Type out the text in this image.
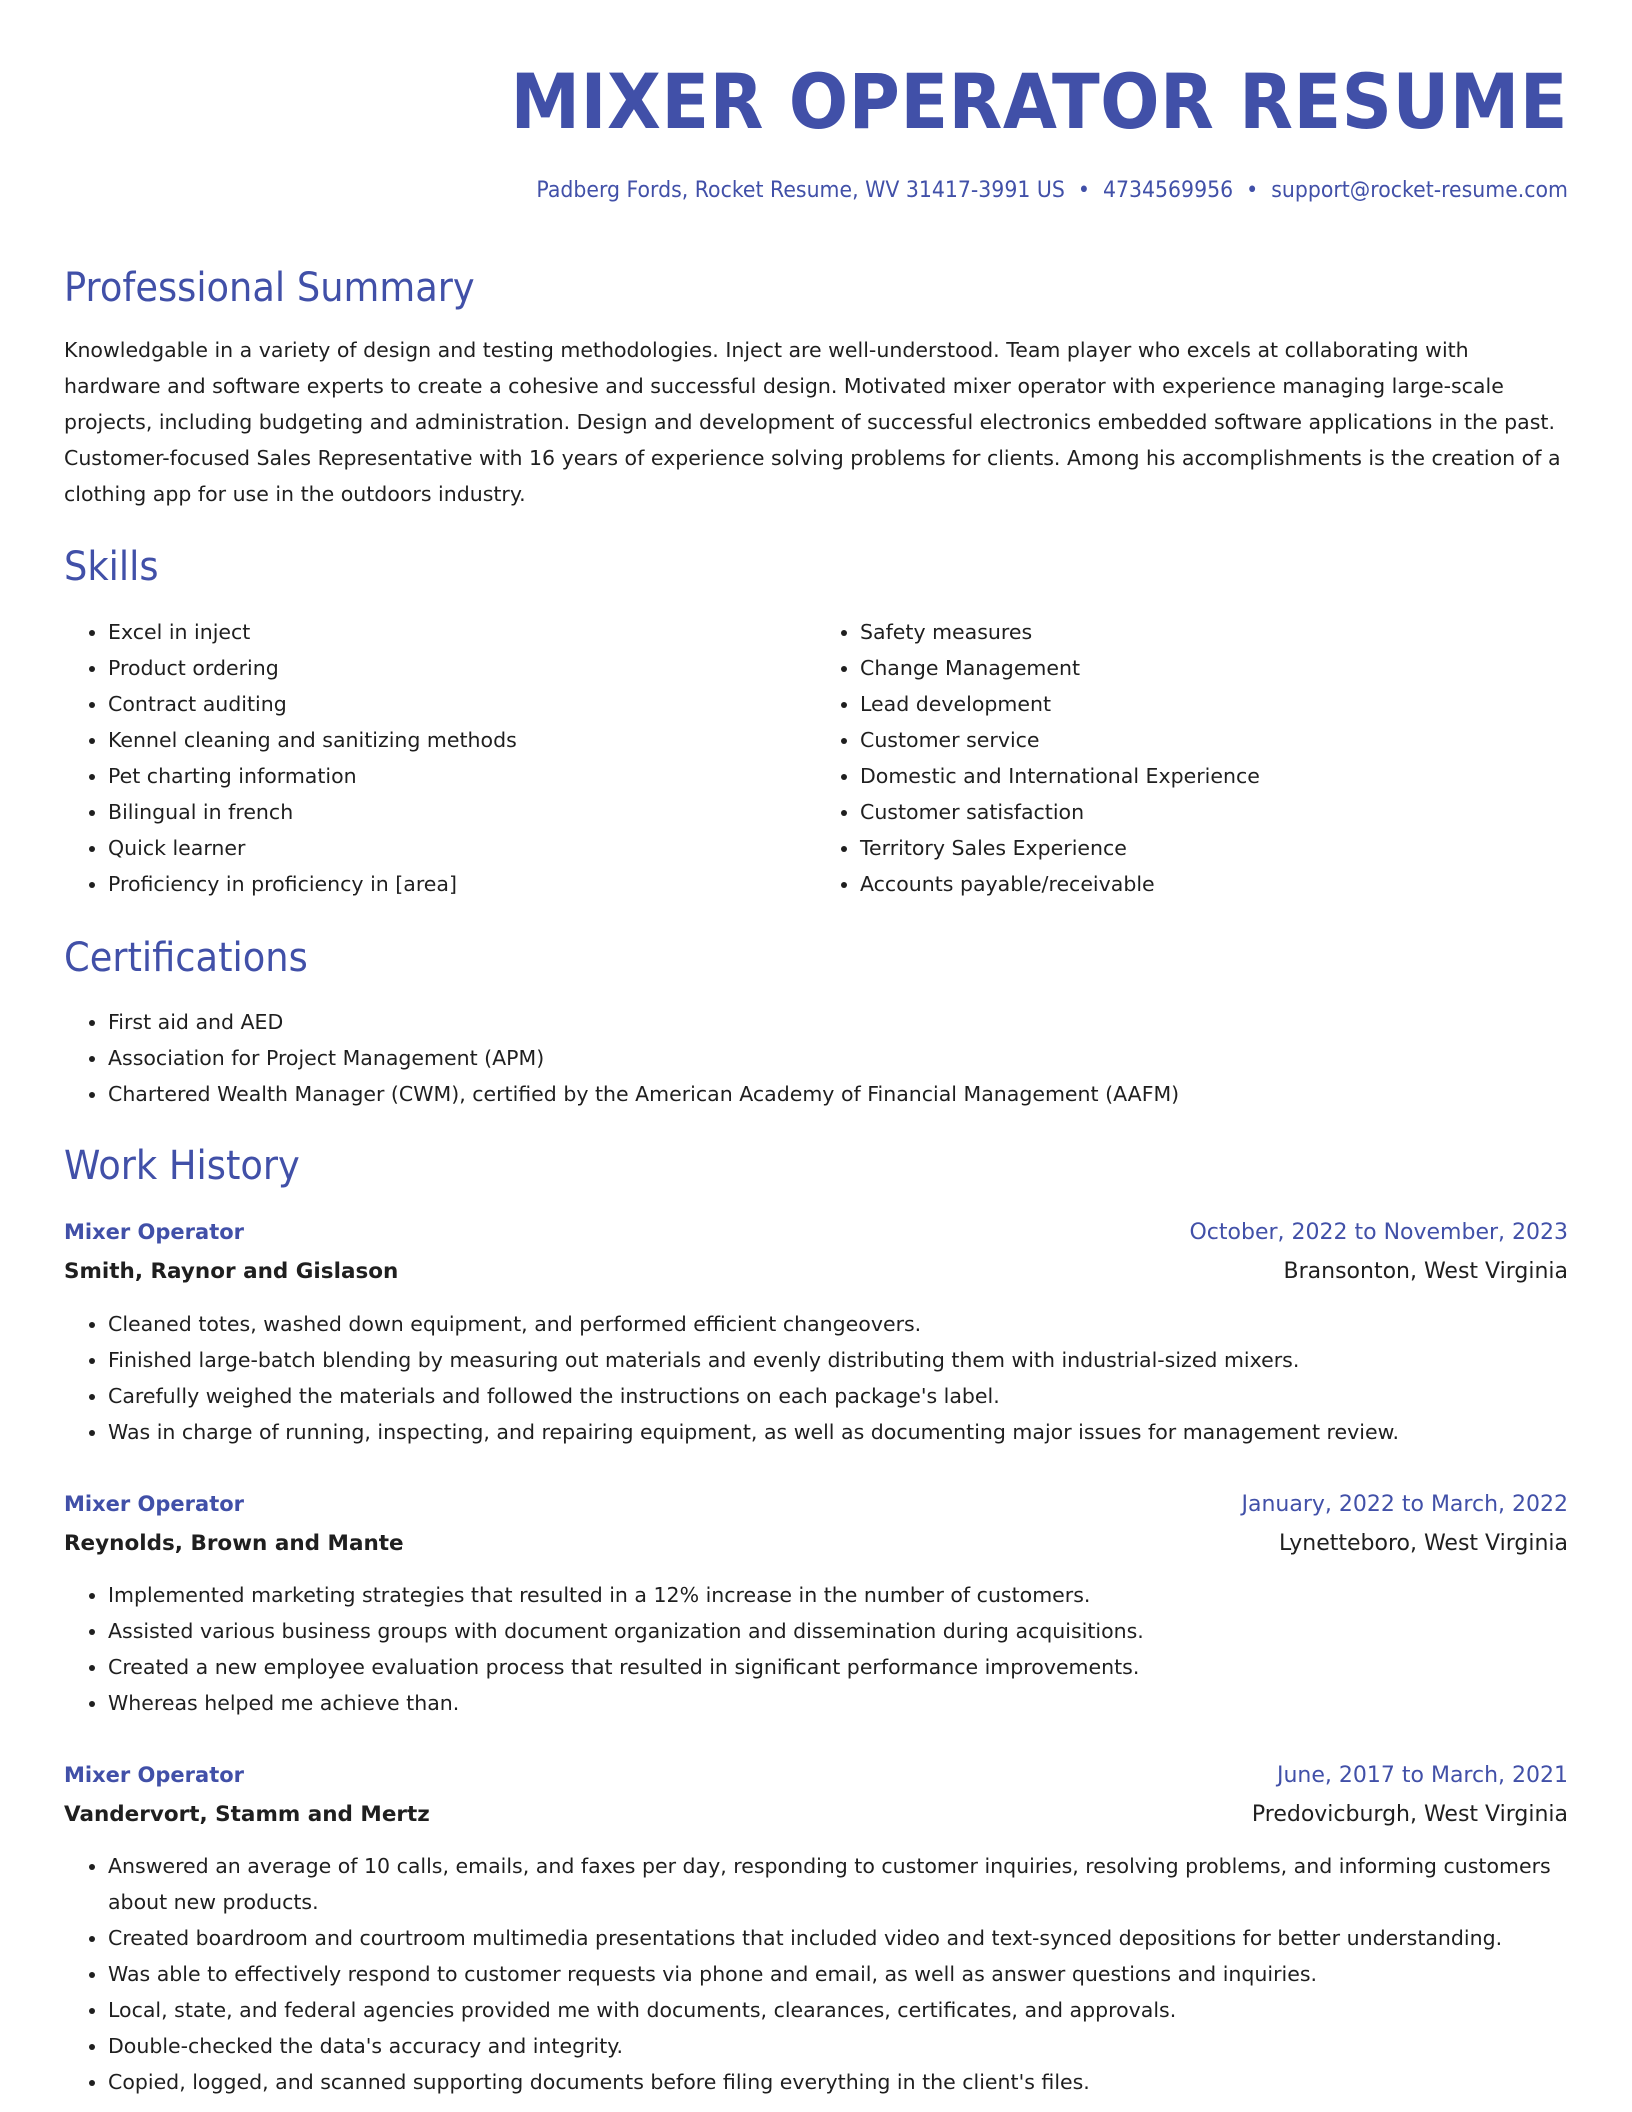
MIXER OPERATOR RESUME
Padberg Fords, Rocket Resume, WV 31417-3991 US • 4734569956 • support@rocket-resume.com
Professional Summary

Knowledgable in a variety of design and testing methodologies. Inject are well-understood. Team player who excels at collaborating with hardware and software experts to create a cohesive and successful design. Motivated mixer operator with experience managing large-scale projects, including budgeting and administration. Design and development of successful electronics embedded software applications in the past. Customer-focused Sales Representative with 16 years of experience solving problems for clients. Among his accomplishments is the creation of a clothing app for use in the outdoors industry.

Skills
• Excel in inject
• Product ordering
• Contract auditing
• Kennel cleaning and sanitizing methods
• Pet charting information
• Bilingual in french
• Quick learner
• Proficiency in proficiency in [area]
• Safety measures
• Change Management
• Lead development
• Customer service
• Domestic and International Experience
• Customer satisfaction
• Territory Sales Experience
• Accounts payable/receivable
Certifications
• First aid and AED
• Association for Project Management (APM)
• Chartered Wealth Manager (CWM), certified by the American Academy of Financial Management (AAFM)
Work History
Mixer Operator	October, 2022 to November, 2023
Smith, Raynor and Gislason	Bransonton, West Virginia
• Cleaned totes, washed down equipment, and performed efficient changeovers.
• Finished large-batch blending by measuring out materials and evenly distributing them with industrial-sized mixers.
• Carefully weighed the materials and followed the instructions on each package's label.
• Was in charge of running, inspecting, and repairing equipment, as well as documenting major issues for management review.
Mixer Operator	January, 2022 to March, 2022
Reynolds, Brown and Mante	Lynetteboro, West Virginia
• Implemented marketing strategies that resulted in a 12% increase in the number of customers.
• Assisted various business groups with document organization and dissemination during acquisitions.
• Created a new employee evaluation process that resulted in significant performance improvements.
• Whereas helped me achieve than.
Mixer Operator	June, 2017 to March, 2021
Vandervort, Stamm and Mertz	Predovicburgh, West Virginia
• Answered an average of 10 calls, emails, and faxes per day, responding to customer inquiries, resolving problems, and informing customers about new products.
• Created boardroom and courtroom multimedia presentations that included video and text-synced depositions for better understanding.
• Was able to effectively respond to customer requests via phone and email, as well as answer questions and inquiries.
• Local, state, and federal agencies provided me with documents, clearances, certificates, and approvals.
• Double-checked the data's accuracy and integrity.
• Copied, logged, and scanned supporting documents before filing everything in the client's files.
